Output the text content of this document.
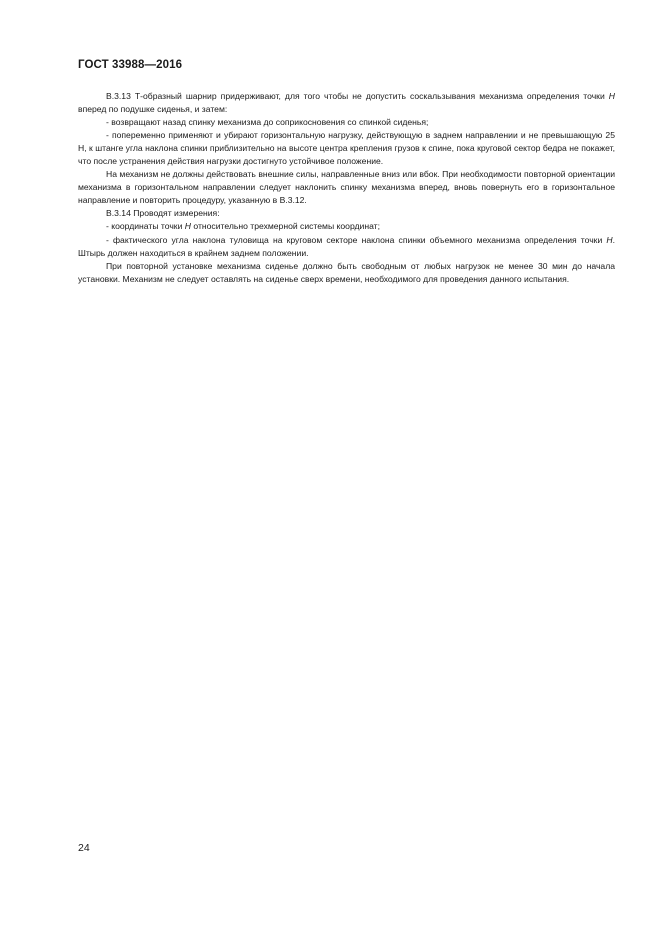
ГОСТ 33988—2016

В.3.13 Т-образный шарнир придерживают, для того чтобы не допустить соскальзывания механизма определения точки H вперед по подушке сиденья, и затем:

- возвращают назад спинку механизма до соприкосновения со спинкой сиденья;

- попеременно применяют и убирают горизонтальную нагрузку, действующую в заднем направлении и не превышающую 25 Н, к штанге угла наклона спинки приблизительно на высоте центра крепления грузов к спине, пока круговой сектор бедра не покажет, что после устранения действия нагрузки достигнуто устойчивое положение.

На механизм не должны действовать внешние силы, направленные вниз или вбок. При необходимости повторной ориентации механизма в горизонтальном направлении следует наклонить спинку механизма вперед, вновь повернуть его в горизонтальное направление и повторить процедуру, указанную в В.3.12.

В.3.14 Проводят измерения:

- координаты точки H относительно трехмерной системы координат;

- фактического угла наклона туловища на круговом секторе наклона спинки объемного механизма определения точки H. Штырь должен находиться в крайнем заднем положении.

При повторной установке механизма сиденье должно быть свободным от любых нагрузок не менее 30 мин до начала установки. Механизм не следует оставлять на сиденье сверх времени, необходимого для проведения данного испытания.

24
